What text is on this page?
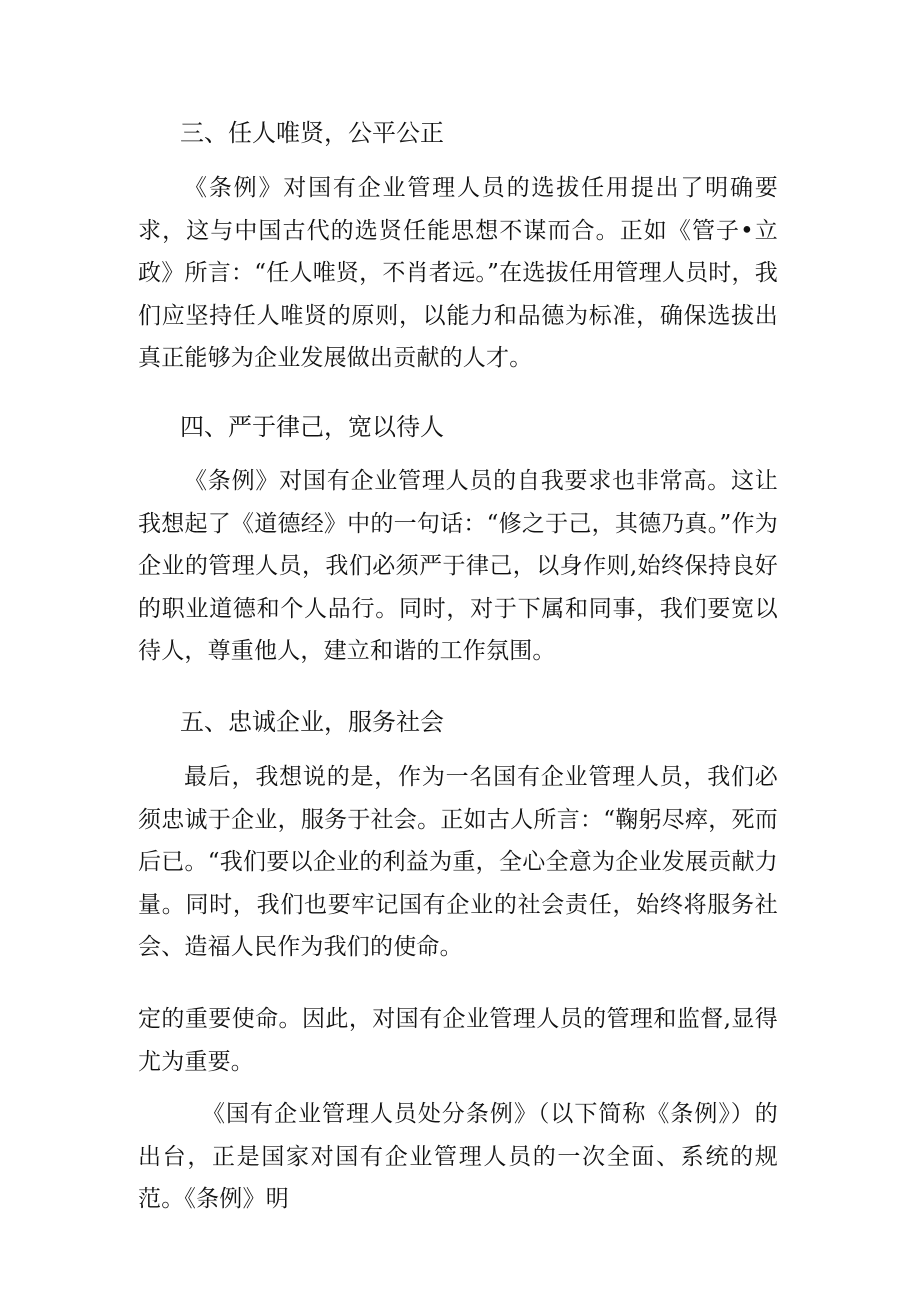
三、任人唯贤，公平公正

《条例》对国有企业管理人员的选拔任用提出了明确要求，这与中国古代的选贤任能思想不谋而合。正如《管子•立政》所言：“任人唯贤，不肖者远。”在选拔任用管理人员时，我们应坚持任人唯贤的原则，以能力和品德为标准，确保选拔出真正能够为企业发展做出贡献的人才。

四、严于律己，宽以待人

《条例》对国有企业管理人员的自我要求也非常高。这让我想起了《道德经》中的一句话：“修之于己，其德乃真。”作为企业的管理人员，我们必须严于律己，以身作则,始终保持良好的职业道德和个人品行。同时，对于下属和同事，我们要宽以待人，尊重他人，建立和谐的工作氛围。

五、忠诚企业，服务社会

最后，我想说的是，作为一名国有企业管理人员，我们必须忠诚于企业，服务于社会。正如古人所言：“鞠躬尽瘁，死而后已。“我们要以企业的利益为重，全心全意为企业发展贡献力量。同时，我们也要牢记国有企业的社会责任，始终将服务社会、造福人民作为我们的使命。

定的重要使命。因此，对国有企业管理人员的管理和监督,显得尤为重要。

《国有企业管理人员处分条例》（以下简称《条例》）的出台，正是国家对国有企业管理人员的一次全面、系统的规范。《条例》明
